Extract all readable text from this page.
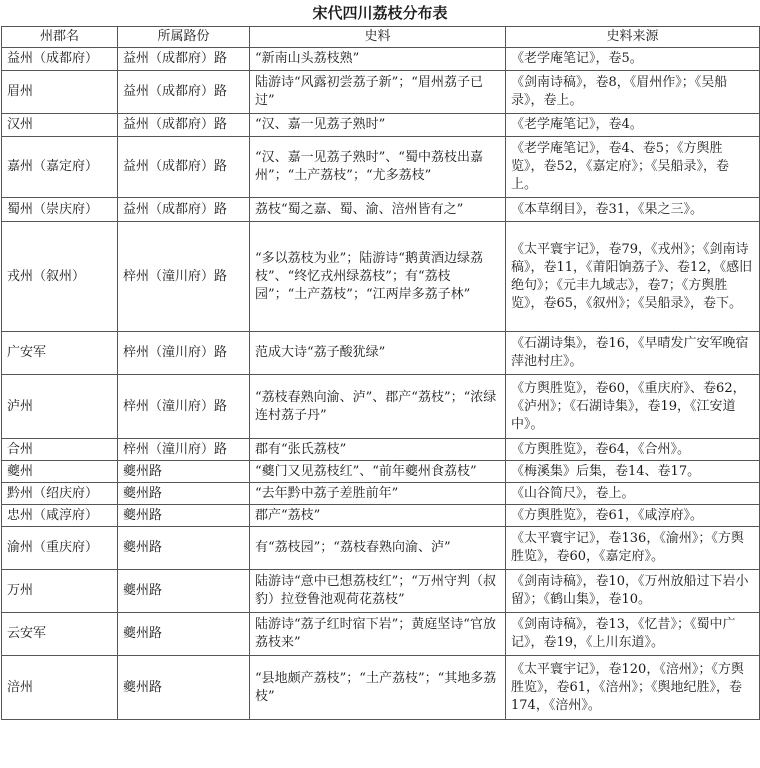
宋代四川荔枝分布表
州郡名	所属路份	史料	史料来源
益州（成都府）	益州（成都府）路	“新南山头荔枝熟”	《老学庵笔记》，卷5。
眉州	益州（成都府）路	陆游诗“风露初尝荔子新”；“眉州荔子已过”	《剑南诗稿》，卷8，《眉州作》；《吴船录》，卷上。
汉州	益州（成都府）路	“汉、嘉一见荔子熟时”	《老学庵笔记》，卷4。
嘉州（嘉定府）	益州（成都府）路	“汉、嘉一见荔子熟时”、“蜀中荔枝出嘉州”；“土产荔枝”；“尤多荔枝”	《老学庵笔记》，卷4、卷5；《方舆胜览》，卷52，《嘉定府》；《吴船录》，卷上。
蜀州（崇庆府）	益州（成都府）路	荔枝“蜀之嘉、蜀、渝、涪州皆有之”	《本草纲目》，卷31，《果之三》。
戎州（叙州）	梓州（潼川府）路	“多以荔枝为业”；陆游诗“鹅黄酒边绿荔枝”、“终忆戎州绿荔枝”；有“荔枝园”；“土产荔枝”；“江两岸多荔子林”	《太平寰宇记》，卷79，《戎州》；《剑南诗稿》，卷11，《莆阳饷荔子》、卷12，《感旧绝句》；《元丰九域志》，卷7；《方舆胜览》，卷65，《叙州》；《吴船录》，卷下。
广安军	梓州（潼川府）路	范成大诗“荔子酸犹绿”	《石湖诗集》，卷16，《早晴发广安军晚宿萍池村庄》。
泸州	梓州（潼川府）路	“荔枝春熟向渝、泸”、郡产“荔枝”；“浓绿连村荔子丹”	《方舆胜览》，卷60，《重庆府》、卷62，《泸州》；《石湖诗集》，卷19，《江安道中》。
合州	梓州（潼川府）路	郡有“张氏荔枝”	《方舆胜览》，卷64，《合州》。
夔州	夔州路	“夔门又见荔枝红”、“前年夔州食荔枝”	《梅溪集》后集，卷14、卷17。
黔州（绍庆府）	夔州路	“去年黔中荔子差胜前年”	《山谷简尺》，卷上。
忠州（咸淳府）	夔州路	郡产“荔枝”	《方舆胜览》，卷61，《咸淳府》。
渝州（重庆府）	夔州路	有“荔枝园”；“荔枝春熟向渝、泸”	《太平寰宇记》，卷136，《渝州》；《方舆胜览》，卷60，《嘉定府》。
万州	夔州路	陆游诗“意中已想荔枝红”；“万州守判（叔豹）拉登鲁池观荷花荔枝”	《剑南诗稿》，卷10，《万州放船过下岩小留》；《鹤山集》，卷10。
云安军	夔州路	陆游诗“荔子红时宿下岩”；黄庭坚诗“官放荔枝来”	《剑南诗稿》，卷13，《忆昔》；《蜀中广记》，卷19，《上川东道》。
涪州	夔州路	“县地颇产荔枝”；“土产荔枝”；“其地多荔枝”	《太平寰宇记》，卷120，《涪州》；《方舆胜览》，卷61，《涪州》；《舆地纪胜》，卷174，《涪州》。
